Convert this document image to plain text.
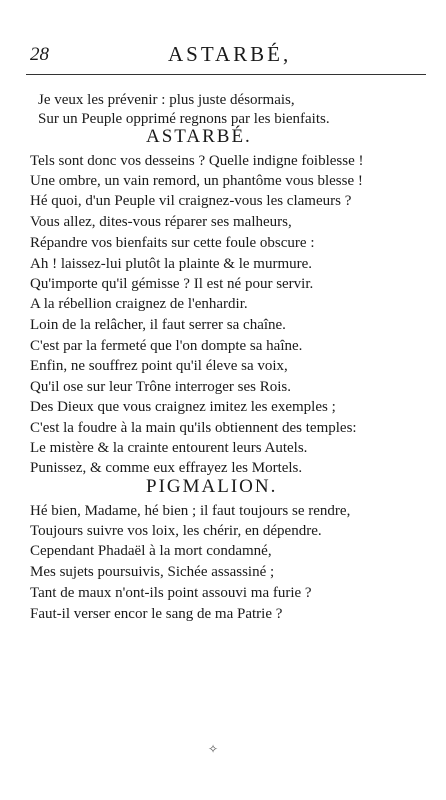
28	ASTARBÉ,
Je veux les prévenir : plus juste désormais,
Sur un Peuple opprimé regnons par les bienfaits.
ASTARBÉ.
Tels sont donc vos desseins ? Quelle indigne foiblesse !
Une ombre, un vain remord, un phantôme vous blesse !
Hé quoi, d'un Peuple vil craignez-vous les clameurs ?
Vous allez, dites-vous réparer ses malheurs,
Répandre vos bienfaits sur cette foule obscure :
Ah ! laissez-lui plutôt la plainte & le murmure.
Qu'importe qu'il gémisse ? Il est né pour servir.
A la rébellion craignez de l'enhardir.
Loin de la relâcher, il faut serrer sa chaîne.
C'est par la fermeté que l'on dompte sa haîne.
Enfin, ne souffrez point qu'il éleve sa voix,
Qu'il ose sur leur Trône interroger ses Rois.
Des Dieux que vous craignez imitez les exemples ;
C'est la foudre à la main qu'ils obtiennent des temples:
Le mistère & la crainte entourent leurs Autels.
Punissez, & comme eux effrayez les Mortels.
PIGMALION.
Hé bien, Madame, hé bien ; il faut toujours se rendre,
Toujours suivre vos loix, les chérir, en dépendre.
Cependant Phadaël à la mort condamné,
Mes sujets poursuivis, Sichée assassiné ;
Tant de maux n'ont-ils point assouvi ma furie ?
Faut-il verser encor le sang de ma Patrie ?
✧
